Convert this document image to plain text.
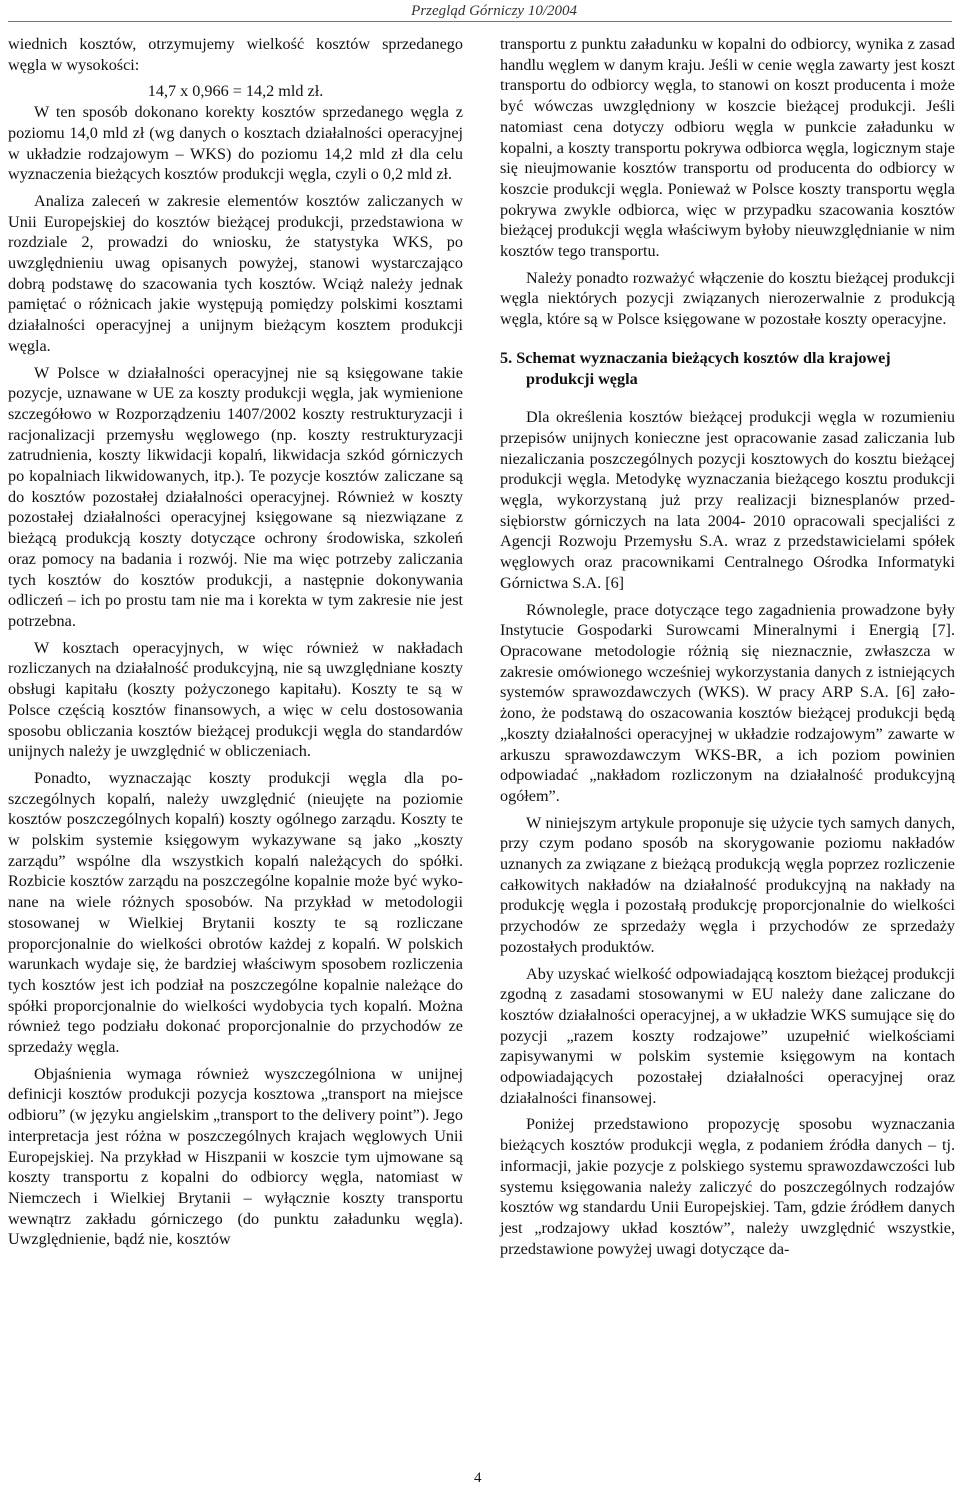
Przegląd Górniczy 10/2004

wiednich kosztów, otrzymujemy wielkość kosztów sprzedanego węgla w wysokości:

14,7 x 0,966 = 14,2 mld zł.

W ten sposób dokonano korekty kosztów sprzedanego węgla z poziomu 14,0 mld zł (wg danych o kosztach działalności operacyjnej w układzie rodzajowym – WKS) do poziomu 14,2 mld zł dla celu wyznaczenia bieżących kosztów produkcji węgla, czyli o 0,2 mld zł.

Analiza zaleceń w zakresie elementów kosztów zaliczanych w Unii Europejskiej do kosztów bieżącej produkcji, przedstawiona w rozdziale 2, prowadzi do wniosku, że statystyka WKS, po uwzględnieniu uwag opisanych powyżej, stanowi wystarczająco dobrą podstawę do szacowania tych kosztów. Wciąż należy jednak pamiętać o różnicach jakie występują pomiędzy polskimi kosztami działalności operacyjnej a unijnym bieżącym kosztem produkcji węgla.

W Polsce w działalności operacyjnej nie są księgowane takie pozycje, uznawane w UE za koszty produkcji węgla, jak wymienione szczegółowo w Rozporządzeniu 1407/2002 koszty restrukturyzacji i racjonalizacji przemysłu węglowego (np. koszty restrukturyzacji zatrudnienia, koszty likwidacji kopalń, likwidacja szkód górniczych po kopalniach likwidowanych, itp.). Te pozycje kosztów zaliczane są do kosztów pozostałej działalności operacyjnej. Również w koszty pozostałej działalności operacyjnej księgowane są niezwiązane z bieżącą produkcją koszty dotyczące ochrony środowiska, szkoleń oraz pomocy na badania i rozwój. Nie ma więc potrzeby zaliczania tych kosztów do kosztów produkcji, a następnie dokonywania odliczeń – ich po prostu tam nie ma i korekta w tym zakresie nie jest potrzebna.

W kosztach operacyjnych, w więc również w nakładach rozliczanych na działalność produkcyjną, nie są uwzględniane koszty obsługi kapitału (koszty pożyczonego kapitału). Koszty te są w Polsce częścią kosztów finansowych, a więc w celu dostosowania sposobu obliczania kosztów bieżącej produkcji węgla do standardów unijnych należy je uwzględnić w obliczeniach.

Ponadto, wyznaczając koszty produkcji węgla dla poszczególnych kopalń, należy uwzględnić (nieujęte na poziomie kosztów poszczególnych kopalń) koszty ogólnego zarządu. Koszty te w polskim systemie księgowym wykazywane są jako „koszty zarządu” wspólne dla wszystkich kopalń należących do spółki. Rozbicie kosztów zarządu na poszczególne kopalnie może być wykonane na wiele różnych sposobów. Na przykład w metodologii stosowanej w Wielkiej Brytanii koszty te są rozliczane proporcjonalnie do wielkości obrotów każdej z kopalń. W polskich warunkach wydaje się, że bardziej właściwym sposobem rozliczenia tych kosztów jest ich podział na poszczególne kopalnie należące do spółki proporcjonalnie do wielkości wydobycia tych kopalń. Można również tego podziału dokonać proporcjonalnie do przychodów ze sprzedaży węgla.

Objaśnienia wymaga również wyszczególniona w unijnej definicji kosztów produkcji pozycja kosztowa „transport na miejsce odbioru” (w języku angielskim „transport to the delivery point”). Jego interpretacja jest różna w poszczególnych krajach węglowych Unii Europejskiej. Na przykład w Hiszpanii w koszcie tym ujmowane są koszty transportu z kopalni do odbiorcy węgla, natomiast w Niemczech i Wielkiej Brytanii – wyłącznie koszty transportu wewnątrz zakładu górniczego (do punktu załadunku węgla). Uwzględnienie, bądź nie, kosztów

transportu z punktu załadunku w kopalni do odbiorcy, wynika z zasad handlu węglem w danym kraju. Jeśli w cenie węgla zawarty jest koszt transportu do odbiorcy węgla, to stanowi on koszt producenta i może być wówczas uwzględniony w koszcie bieżącej produkcji. Jeśli natomiast cena dotyczy odbioru węgla w punkcie załadunku w kopalni, a koszty transportu pokrywa odbiorca węgla, logicznym staje się nieujmowanie kosztów transportu od producenta do odbiorcy w koszcie produkcji węgla. Ponieważ w Polsce koszty transportu węgla pokrywa zwykle odbiorca, więc w przypadku szacowania kosztów bieżącej produkcji węgla właściwym byłoby nieuwzględnianie w nim kosztów tego transportu.

Należy ponadto rozważyć włączenie do kosztu bieżącej produkcji węgla niektórych pozycji związanych nierozerwalnie z produkcją węgla, które są w Polsce księgowane w pozostałe koszty operacyjne.

5. Schemat wyznaczania bieżących kosztów dla krajowej produkcji węgla

Dla określenia kosztów bieżącej produkcji węgla w rozumieniu przepisów unijnych konieczne jest opracowanie zasad zaliczania lub niezaliczania poszczególnych pozycji kosztowych do kosztu bieżącej produkcji węgla. Metodykę wyznaczania bieżącego kosztu produkcji węgla, wykorzystaną już przy realizacji biznesplanów przedsiębiorstw górniczych na lata 2004- 2010 opracowali specjaliści z Agencji Rozwoju Przemysłu S.A. wraz z przedstawicielami spółek węglowych oraz pracownikami Centralnego Ośrodka Informatyki Górnictwa S.A. [6]

Równolegle, prace dotyczące tego zagadnienia prowadzone były Instytucie Gospodarki Surowcami Mineralnymi i Energią [7]. Opracowane metodologie różnią się nieznacznie, zwłaszcza w zakresie omówionego wcześniej wykorzystania danych z istniejących systemów sprawozdawczych (WKS). W pracy ARP S.A. [6] założono, że podstawą do oszacowania kosztów bieżącej produkcji będą „koszty działalności operacyjnej w układzie rodzajowym” zawarte w arkuszu sprawozdawczym WKS-BR, a ich poziom powinien odpowiadać „nakładom rozliczonym na działalność produkcyjną ogółem”.

W niniejszym artykule proponuje się użycie tych samych danych, przy czym podano sposób na skorygowanie poziomu nakładów uznanych za związane z bieżącą produkcją węgla poprzez rozliczenie całkowitych nakładów na działalność produkcyjną na nakłady na produkcję węgla i pozostałą produkcję proporcjonalnie do wielkości przychodów ze sprzedaży węgla i przychodów ze sprzedaży pozostałych produktów.

Aby uzyskać wielkość odpowiadającą kosztom bieżącej produkcji zgodną z zasadami stosowanymi w EU należy dane zaliczane do kosztów działalności operacyjnej, a w układzie WKS sumujące się do pozycji „razem koszty rodzajowe” uzupełnić wielkościami zapisywanymi w polskim systemie księgowym na kontach odpowiadających pozostałej działalności operacyjnej oraz działalności finansowej.

Poniżej przedstawiono propozycję sposobu wyznaczania bieżących kosztów produkcji węgla, z podaniem źródła danych – tj. informacji, jakie pozycje z polskiego systemu sprawozdawczości lub systemu księgowania należy zaliczyć do poszczególnych rodzajów kosztów wg standardu Unii Europejskiej. Tam, gdzie źródłem danych jest „rodzajowy układ kosztów”, należy uwzględnić wszystkie, przedstawione powyżej uwagi dotyczące da-

4
